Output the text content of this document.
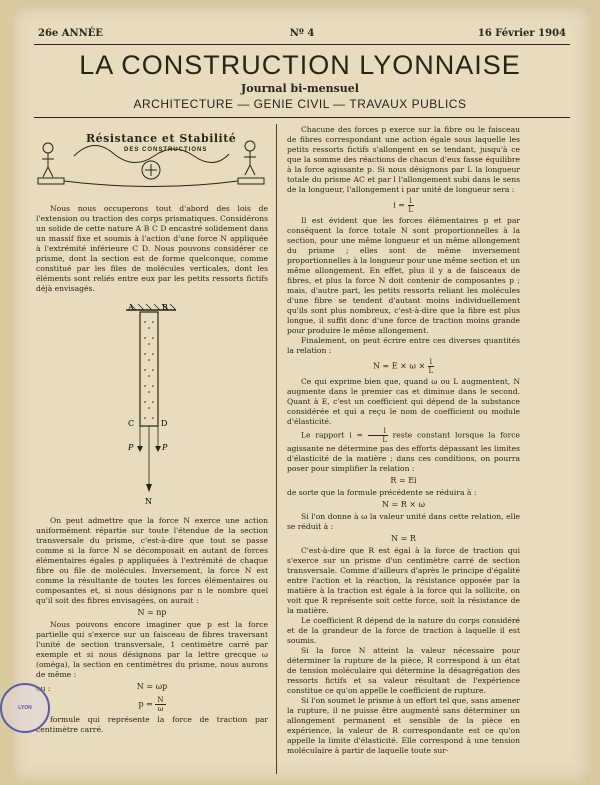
26e ANNÉE	Nº 4	16 Février 1904
LA CONSTRUCTION LYONNAISE
Journal bi-mensuel
ARCHITECTURE — GENIE CIVIL — TRAVAUX PUBLICS
Résistance et Stabilité
DES CONSTRUCTIONS

Nous nous occuperons tout d'abord des lois de l'extension ou traction des corps prismatiques. Considérons un solide de cette nature A B C D encastré solidement dans un massif fixe et soumis à l'action d'une force N appliquée à l'extrémité inférieure C D. Nous pouvons considérer ce prisme, dont la section est de forme quelconque, comme constitué par les files de molécules verticales, dont les éléments sont reliés entre eux par les petits ressorts fictifs déjà envisagés.

A	B
C	D
P	P
N

On peut admettre que la force N exerce une action uniformément répartie sur toute l'étendue de la section transversale du prisme, c'est-à-dire que tout se passe comme si la force N se décomposait en autant de forces élémentaires égales p appliquées à l'extrémité de chaque fibre ou file de molécules. Inversement, la force N est comme la résultante de toutes les forces élémentaires ou composantes et, si nous désignons par n le nombre quel qu'il soit des fibres envisagées, on aurait :

N = np

Nous pouvons encore imaginer que p est la force partielle qui s'exerce sur un faisceau de fibres traversant l'unité de section transversale, 1 centimètre carré par exemple et si nous désignons par la lettre grecque ω (oméga), la section en centimètres du prisme, nous aurons de même :

N = ωp
ou :
$p = \frac{N}{\omega}$

formule qui représente la force de traction par centimètre carré.

Chacune des forces p exerce sur la fibre ou le faisceau de fibres correspondant une action égale sous laquelle les petits ressorts fictifs s'allongent en se tendant, jusqu'à ce que la somme des réactions de chacun d'eux fasse équilibre à la force agissante p. Si nous désignons par L la longueur totale du prisme AC et par l l'allongement subi dans le sens de la longueur, l'allongement i par unité de longueur sera :

$i = \frac{l}{L}$

Il est évident que les forces élémentaires p et par conséquent la force totale N sont proportionnelles à la section, pour une même longueur et un même allongement du prisme ; elles sont de même inversement proportionnelles à la longueur pour une même section et un même allongement. En effet, plus il y a de faisceaux de fibres, et plus la force N doit contenir de composantes p ; mais, d'autre part, les petits ressorts reliant les molécules d'une fibre se tendent d'autant moins individuellement qu'ils sont plus nombreux, c'est-à-dire que la fibre est plus longue, il suffit donc d'une force de traction moins grande pour produire le même allongement.

Finalement, on peut écrire entre ces diverses quantités la relation :

$N = E \times \omega \times \frac{l}{L}$

Ce qui exprime bien que, quand ω ou L augmentent, N augmente dans le premier cas et diminue dans le second. Quant à E, c'est un coefficient qui dépend de la substance considérée et qui a reçu le nom de coefficient ou module d'élasticité.

Le rapport $i = \frac{l}{L}$ reste constant lorsque la force agissante ne détermine pas des efforts dépassant les limites d'élasticité de la matière ; dans ces conditions, on pourra poser pour simplifier la relation :

R = Ei

de sorte que la formule précédente se réduira à :

N = R × ω

Si l'on donne à ω la valeur unité dans cette relation, elle se réduit à :

N = R

C'est-à-dire que R est égal à la force de traction qui s'exerce sur un prisme d'un centimètre carré de section transversale. Comme d'ailleurs d'après le principe d'égalité entre l'action et la réaction, la résistance opposée par la matière à la traction est égale à la force qui la sollicite, on voit que R représente soit cette force, soit la résistance de la matière.

Le coefficient R dépend de la nature du corps considéré et de la grandeur de la force de traction à laquelle il est soumis.

Si la force N atteint la valeur nécessaire pour déterminer la rupture de la pièce, R correspond à un état de tension moléculaire qui détermine la désagrégation des ressorts fictifs et sa valeur résultant de l'expérience constitue ce qu'on appelle le coefficient de rupture.

Si l'on soumet le prisme à un effort tel que, sans amener la rupture, il ne puisse être augmenté sans déterminer un allongement permanent et sensible de la pièce en expérience, la valeur de R correspondante est ce qu'on appelle la limite d'élasticité. Elle correspond à une tension moléculaire à partir de laquelle toute sur-

LYON
